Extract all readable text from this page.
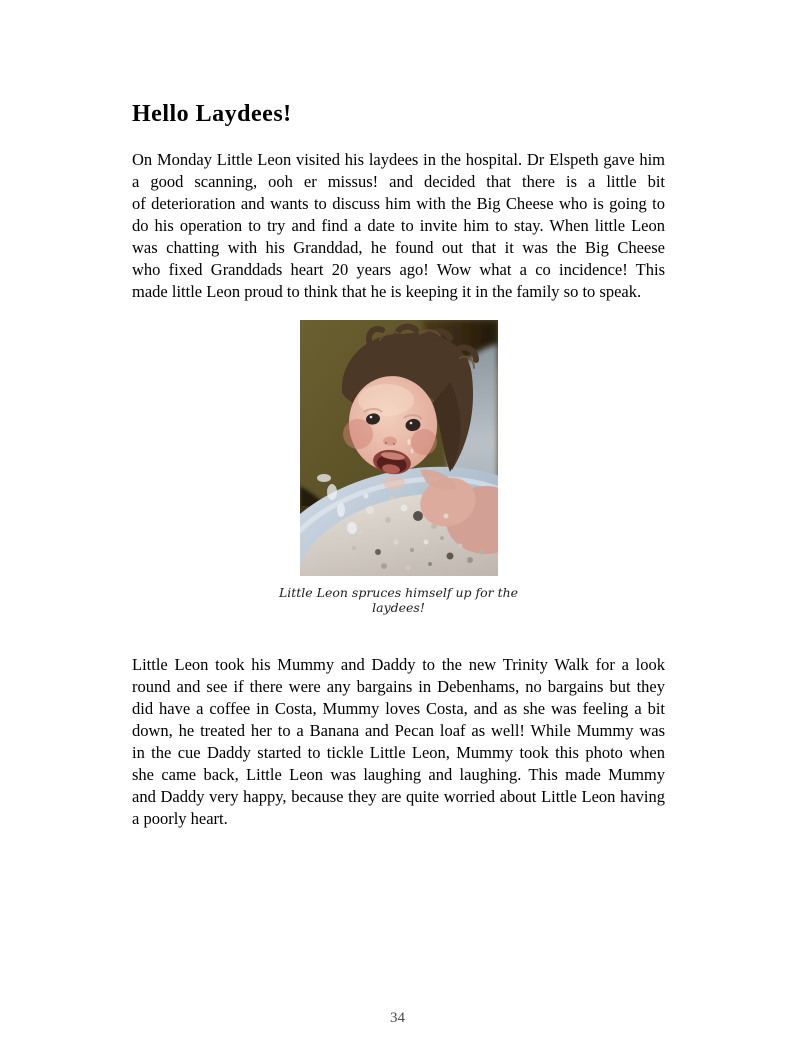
Hello Laydees!
On Monday Little Leon visited his laydees in the hospital. Dr Elspeth gave him
a good scanning, ooh er missus! and decided that there is a little bit
of deterioration and wants to discuss him with the Big Cheese who is going to
do his operation to try and find a date to invite him to stay. When little Leon
was chatting with his Granddad, he found out that it was the Big Cheese
who fixed Granddads heart 20 years ago! Wow what a co incidence! This
made little Leon proud to think that he is keeping it in the family so to speak.
Little Leon spruces himself up for the
laydees!
Little Leon took his Mummy and Daddy to the new Trinity Walk for a look
round and see if there were any bargains in Debenhams, no bargains but they
did have a coffee in Costa, Mummy loves Costa, and as she was feeling a bit
down, he treated her to a Banana and Pecan loaf as well! While Mummy was
in the cue Daddy started to tickle Little Leon, Mummy took this photo when
she came back, Little Leon was laughing and laughing. This made Mummy
and Daddy very happy, because they are quite worried about Little Leon having
a poorly heart.
34
